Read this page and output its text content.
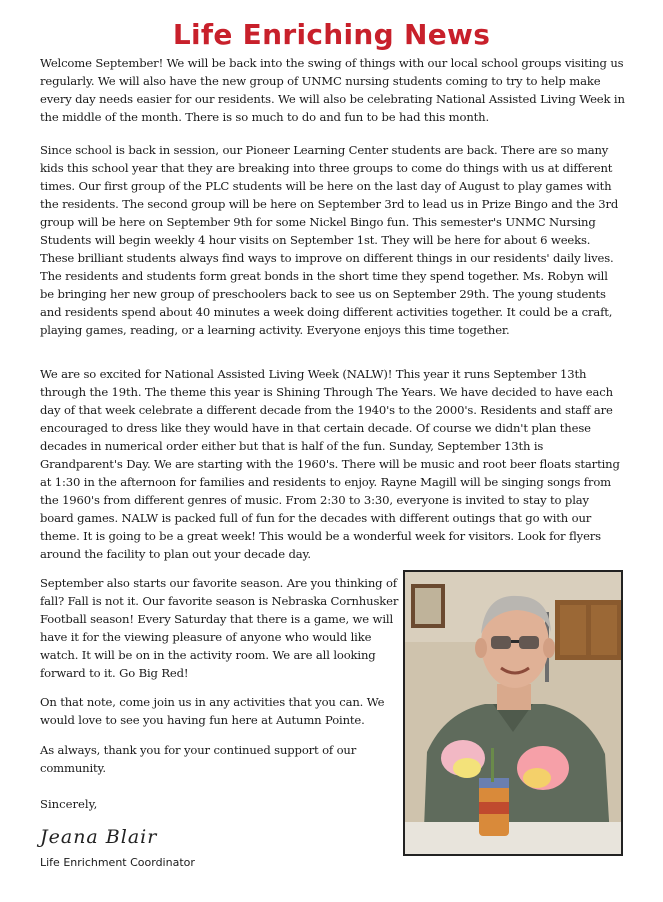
Life Enriching News

Welcome September! We will be back into the swing of things with our local school groups visiting us regularly. We will also have the new group of UNMC nursing students coming to try to help make every day needs easier for our residents. We will also be celebrating National Assisted Living Week in the middle of the month. There is so much to do and fun to be had this month.

Since school is back in session, our Pioneer Learning Center students are back. There are so many kids this school year that they are breaking into three groups to come do things with us at different times. Our first group of the PLC students will be here on the last day of August to play games with the residents. The second group will be here on September 3rd to lead us in Prize Bingo and the 3rd group will be here on September 9th for some Nickel Bingo fun. This semester's UNMC Nursing Students will begin weekly 4 hour visits on September 1st. They will be here for about 6 weeks. These brilliant students always find ways to improve on different things in our residents' daily lives. The residents and students form great bonds in the short time they spend together. Ms. Robyn will be bringing her new group of preschoolers back to see us on September 29th. The young students and residents spend about 40 minutes a week doing different activities together. It could be a craft, playing games, reading, or a learning activity. Everyone enjoys this time together.

We are so excited for National Assisted Living Week (NALW)! This year it runs September 13th through the 19th. The theme this year is Shining Through The Years. We have decided to have each day of that week celebrate a different decade from the 1940's to the 2000's. Residents and staff are encouraged to dress like they would have in that certain decade. Of course we didn't plan these decades in numerical order either but that is half of the fun. Sunday, September 13th is Grandparent's Day. We are starting with the 1960's. There will be music and root beer floats starting at 1:30 in the afternoon for families and residents to enjoy. Rayne Magill will be singing songs from the 1960's from different genres of music. From 2:30 to 3:30, everyone is invited to stay to play board games. NALW is packed full of fun for the decades with different outings that go with our theme. It is going to be a great week! This would be a wonderful week for visitors. Look for flyers around the facility to plan out your decade day.

September also starts our favorite season. Are you thinking of fall? Fall is not it. Our favorite season is Nebraska Cornhusker Football season! Every Saturday that there is a game, we will have it for the viewing pleasure of anyone who would like watch. It will be on in the activity room. We are all looking forward to it. Go Big Red!

On that note, come join us in any activities that you can. We would love to see you having fun here at Autumn Pointe.

As always, thank you for your continued support of our community.

Sincerely,
Jeana Blair
Life Enrichment Coordinator
